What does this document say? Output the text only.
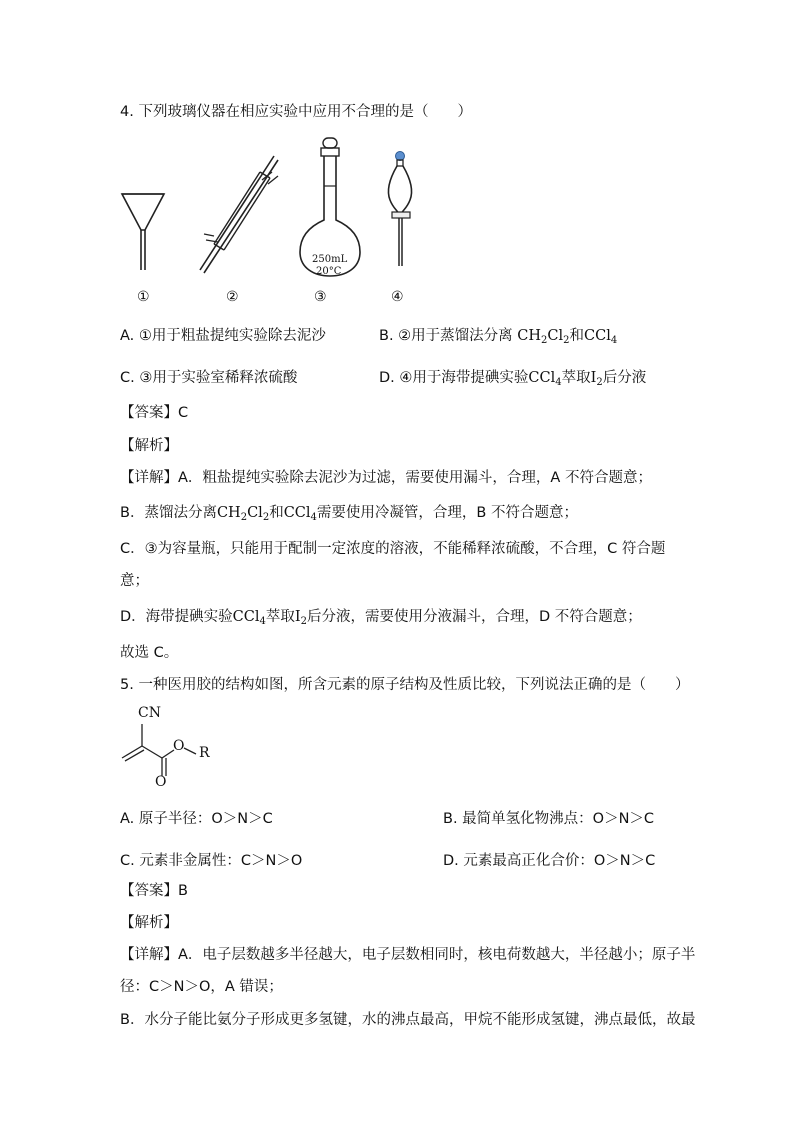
4. 下列玻璃仪器在相应实验中应用不合理的是（　　）
250mL
20°C
①	②	③	④
A. ①用于粗盐提纯实验除去泥沙	B. ②用于蒸馏法分离 $CH_2Cl_2$和CCl$_4$
C. ③用于实验室稀释浓硫酸	D. ④用于海带提碘实验CCl$_4$萃取$I_2$后分液
【答案】C
【解析】
【详解】A．粗盐提纯实验除去泥沙为过滤，需要使用漏斗，合理，A 不符合题意；
B．蒸馏法分离$CH_2Cl_2$和CCl$_4$需要使用冷凝管，合理，B 不符合题意；
C．③为容量瓶，只能用于配制一定浓度的溶液，不能稀释浓硫酸，不合理，C 符合题
意；
D．海带提碘实验CCl$_4$萃取$I_2$后分液，需要使用分液漏斗，合理，D 不符合题意；
故选 C。
5. 一种医用胶的结构如图，所含元素的原子结构及性质比较，下列说法正确的是（　　）
CN
O R
O
A. 原子半径：O＞N＞C	B. 最简单氢化物沸点：O＞N＞C
C. 元素非金属性：C＞N＞O	D. 元素最高正化合价：O＞N＞C
【答案】B
【解析】
【详解】A．电子层数越多半径越大，电子层数相同时，核电荷数越大，半径越小；原子半
径：C＞N＞O，A 错误；
B．水分子能比氨分子形成更多氢键，水的沸点最高，甲烷不能形成氢键，沸点最低，故最
